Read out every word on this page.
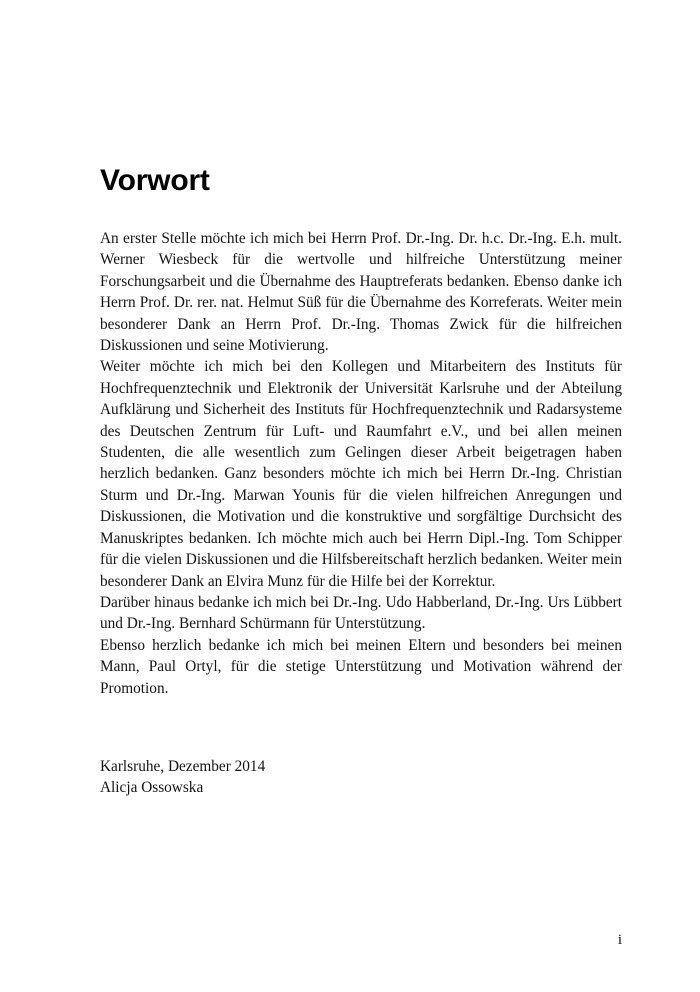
Vorwort

An erster Stelle möchte ich mich bei Herrn Prof. Dr.-Ing. Dr. h.c. Dr.-Ing. E.h. mult. Werner Wiesbeck für die wertvolle und hilfreiche Unterstützung meiner Forschungsarbeit und die Übernahme des Hauptreferats bedanken. Ebenso danke ich Herrn Prof. Dr. rer. nat. Helmut Süß für die Übernahme des Korreferats. Weiter mein besonderer Dank an Herrn Prof. Dr.-Ing. Thomas Zwick für die hilfreichen Diskussionen und seine Motivierung.

Weiter möchte ich mich bei den Kollegen und Mitarbeitern des Instituts für Hochfrequenztechnik und Elektronik der Universität Karlsruhe und der Abteilung Aufklärung und Sicherheit des Instituts für Hochfrequenztechnik und Radarsysteme des Deutschen Zentrum für Luft- und Raumfahrt e.V., und bei allen meinen Studenten, die alle wesentlich zum Gelingen dieser Arbeit beigetragen haben herzlich bedanken. Ganz besonders möchte ich mich bei Herrn Dr.-Ing. Christian Sturm und Dr.-Ing. Marwan Younis für die vielen hilfreichen Anregungen und Diskussionen, die Motivation und die konstruktive und sorgfältige Durchsicht des Manuskriptes bedanken. Ich möchte mich auch bei Herrn Dipl.-Ing. Tom Schipper für die vielen Diskussionen und die Hilfsbereitschaft herzlich bedanken. Weiter mein besonderer Dank an Elvira Munz für die Hilfe bei der Korrektur.

Darüber hinaus bedanke ich mich bei Dr.-Ing. Udo Habberland, Dr.-Ing. Urs Lübbert und Dr.-Ing. Bernhard Schürmann für Unterstützung.

Ebenso herzlich bedanke ich mich bei meinen Eltern und besonders bei meinen Mann, Paul Ortyl, für die stetige Unterstützung und Motivation während der Promotion.

Karlsruhe, Dezember 2014
Alicja Ossowska
i
